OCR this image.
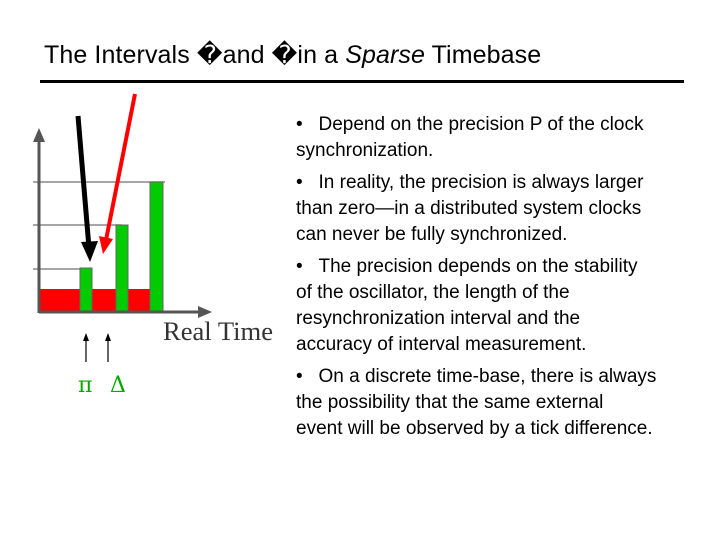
The Intervals �and �in a Sparse Timebase
Real Time
π Δ
•   Depend on the precision P of the clock
synchronization.
•   In reality, the precision is always larger
than zero—in a distributed system clocks
can never be fully synchronized.
•   The precision depends on the stability
of the oscillator, the length of the
resynchronization interval and the
accuracy of interval measurement.
•   On a discrete time-base, there is always
the possibility that the same external
event will be observed by a tick difference.
